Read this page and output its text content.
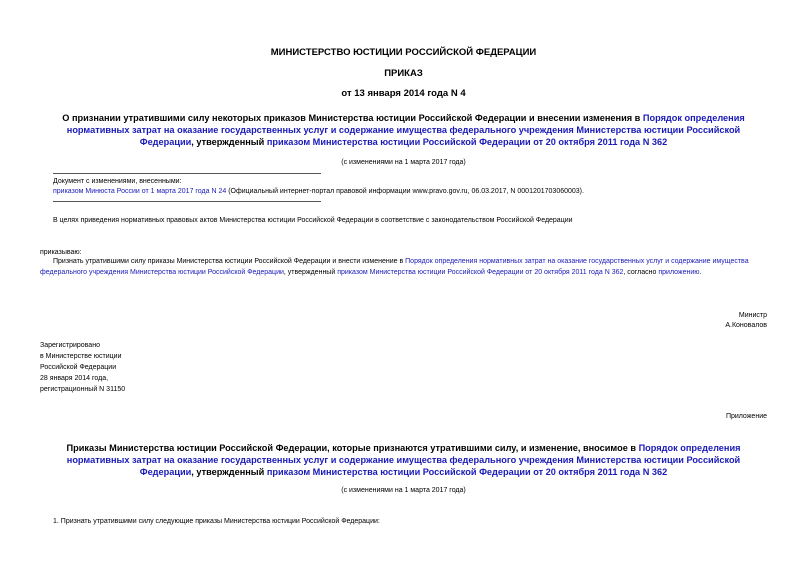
МИНИСТЕРСТВО ЮСТИЦИИ РОССИЙСКОЙ ФЕДЕРАЦИИ
ПРИКАЗ
от 13 января 2014 года N 4
О признании утратившими силу некоторых приказов Министерства юстиции Российской Федерации и внесении изменения в Порядок определения нормативных затрат на оказание государственных услуг и содержание имущества федерального учреждения Министерства юстиции Российской Федерации, утвержденный приказом Министерства юстиции Российской Федерации от 20 октября 2011 года N 362
(с изменениями на 1 марта 2017 года)
Документ с изменениями, внесенными:
приказом Минюста России от 1 марта 2017 года N 24 (Официальный интернет-портал правовой информации www.pravo.gov.ru, 06.03.2017, N 0001201703060003).
В целях приведения нормативных правовых актов Министерства юстиции Российской Федерации в соответствие с законодательством Российской Федерации
приказываю:
Признать утратившими силу приказы Министерства юстиции Российской Федерации и внести изменение в Порядок определения нормативных затрат на оказание государственных услуг и содержание имущества федерального учреждения Министерства юстиции Российской Федерации, утвержденный приказом Министерства юстиции Российской Федерации от 20 октября 2011 года N 362, согласно приложению.
Министр
А.Коновалов
Зарегистрировано
в Министерстве юстиции
Российской Федерации
28 января 2014 года,
регистрационный N 31150
Приложение
Приказы Министерства юстиции Российской Федерации, которые признаются утратившими силу, и изменение, вносимое в Порядок определения нормативных затрат на оказание государственных услуг и содержание имущества федерального учреждения Министерства юстиции Российской Федерации, утвержденный приказом Министерства юстиции Российской Федерации от 20 октября 2011 года N 362
(с изменениями на 1 марта 2017 года)
1. Признать утратившими силу следующие приказы Министерства юстиции Российской Федерации:
